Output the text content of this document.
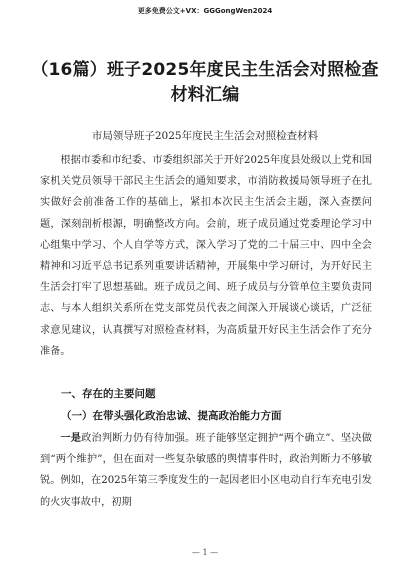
更多免费公文+VX：GGGongWen2024
（16篇）班子2025年度民主生活会对照检查材料汇编
市局领导班子2025年度民主生活会对照检查材料
根据市委和市纪委、市委组织部关于开好2025年度县处级以上党和国家机关党员领导干部民主生活会的通知要求，市消防救援局领导班子在扎实做好会前准备工作的基础上，紧扣本次民主生活会主题，深入查摆问题，深刻剖析根源，明确整改方向。会前，班子成员通过党委理论学习中心组集中学习、个人自学等方式，深入学习了党的二十届三中、四中全会精神和习近平总书记系列重要讲话精神，开展集中学习研讨，为开好民主生活会打牢了思想基础。班子成员之间、班子成员与分管单位主要负责同志、与本人组织关系所在党支部党员代表之间深入开展谈心谈话，广泛征求意见建议，认真撰写对照检查材料，为高质量开好民主生活会作了充分准备。
一、存在的主要问题
（一）在带头强化政治忠诚、提高政治能力方面
一是政治判断力仍有待加强。班子能够坚定拥护“两个确立”、坚决做到“两个维护”，但在面对一些复杂敏感的舆情事件时，政治判断力不够敏锐。例如，在2025年第三季度发生的一起因老旧小区电动自行车充电引发的火灾事故中，初期
— 1 —
